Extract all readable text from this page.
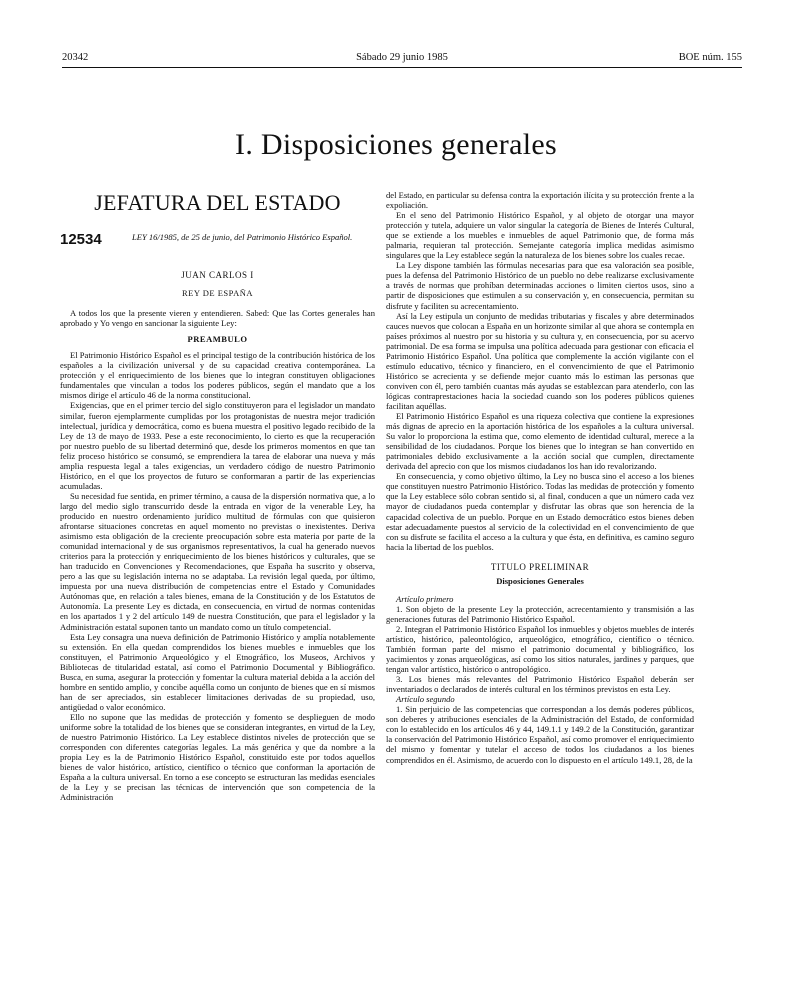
20342	Sábado 29 junio 1985	BOE núm. 155
I. Disposiciones generales
JEFATURA DEL ESTADO
12534	LEY 16/1985, de 25 de junio, del Patrimonio Histórico Español.
JUAN CARLOS I
REY DE ESPAÑA

A todos los que la presente vieren y entendieren. Sabed: Que las Cortes generales han aprobado y Yo vengo en sancionar la siguiente Ley:

PREAMBULO

El Patrimonio Histórico Español es el principal testigo de la contribución histórica de los españoles a la civilización universal y de su capacidad creativa contemporánea. La protección y el enriquecimiento de los bienes que lo integran constituyen obligaciones fundamentales que vinculan a todos los poderes públicos, según el mandato que a los mismos dirige el artículo 46 de la norma constitucional.

Exigencias, que en el primer tercio del siglo constituyeron para el legislador un mandato similar, fueron ejemplarmente cumplidas por los protagonistas de nuestra mejor tradición intelectual, jurídica y democrática, como es buena muestra el positivo legado recibido de la Ley de 13 de mayo de 1933. Pese a este reconocimiento, lo cierto es que la recuperación por nuestro pueblo de su libertad determinó que, desde los primeros momentos en que tan feliz proceso histórico se consumó, se emprendiera la tarea de elaborar una nueva y más amplia respuesta legal a tales exigencias, un verdadero código de nuestro Patrimonio Histórico, en el que los proyectos de futuro se conformaran a partir de las experiencias acumuladas.

Su necesidad fue sentida, en primer término, a causa de la dispersión normativa que, a lo largo del medio siglo transcurrido desde la entrada en vigor de la venerable Ley, ha producido en nuestro ordenamiento jurídico multitud de fórmulas con que quisieron afrontarse situaciones concretas en aquel momento no previstas o inexistentes. Deriva asimismo esta obligación de la creciente preocupación sobre esta materia por parte de la comunidad internacional y de sus organismos representativos, la cual ha generado nuevos criterios para la protección y enriquecimiento de los bienes históricos y culturales, que se han traducido en Convenciones y Recomendaciones, que España ha suscrito y observa, pero a las que su legislación interna no se adaptaba. La revisión legal queda, por último, impuesta por una nueva distribución de competencias entre el Estado y Comunidades Autónomas que, en relación a tales bienes, emana de la Constitución y de los Estatutos de Autonomía. La presente Ley es dictada, en consecuencia, en virtud de normas contenidas en los apartados 1 y 2 del artículo 149 de nuestra Constitución, que para el legislador y la Administración estatal suponen tanto un mandato como un título competencial.

Esta Ley consagra una nueva definición de Patrimonio Histórico y amplía notablemente su extensión. En ella quedan comprendidos los bienes muebles e inmuebles que los constituyen, el Patrimonio Arqueológico y el Etnográfico, los Museos, Archivos y Bibliotecas de titularidad estatal, así como el Patrimonio Documental y Bibliográfico. Busca, en suma, asegurar la protección y fomentar la cultura material debida a la acción del hombre en sentido amplio, y concibe aquélla como un conjunto de bienes que en sí mismos han de ser apreciados, sin establecer limitaciones derivadas de su propiedad, uso, antigüedad o valor económico.

Ello no supone que las medidas de protección y fomento se desplieguen de modo uniforme sobre la totalidad de los bienes que se consideran integrantes, en virtud de la Ley, de nuestro Patrimonio Histórico. La Ley establece distintos niveles de protección que se corresponden con diferentes categorías legales. La más genérica y que da nombre a la propia Ley es la de Patrimonio Histórico Español, constituido este por todos aquellos bienes de valor histórico, artístico, científico o técnico que conforman la aportación de España a la cultura universal. En torno a ese concepto se estructuran las medidas esenciales de la Ley y se precisan las técnicas de intervención que son competencia de la Administración

del Estado, en particular su defensa contra la exportación ilícita y su protección frente a la expoliación.

En el seno del Patrimonio Histórico Español, y al objeto de otorgar una mayor protección y tutela, adquiere un valor singular la categoría de Bienes de Interés Cultural, que se extiende a los muebles e inmuebles de aquel Patrimonio que, de forma más palmaria, requieran tal protección. Semejante categoría implica medidas asimismo singulares que la Ley establece según la naturaleza de los bienes sobre los cuales recae.

La Ley dispone también las fórmulas necesarias para que esa valoración sea posible, pues la defensa del Patrimonio Histórico de un pueblo no debe realizarse exclusivamente a través de normas que prohíban determinadas acciones o limiten ciertos usos, sino a partir de disposiciones que estimulen a su conservación y, en consecuencia, permitan su disfrute y faciliten su acrecentamiento.

Así la Ley estipula un conjunto de medidas tributarias y fiscales y abre determinados cauces nuevos que colocan a España en un horizonte similar al que ahora se contempla en países próximos al nuestro por su historia y su cultura y, en consecuencia, por su acervo patrimonial. De esa forma se impulsa una política adecuada para gestionar con eficacia el Patrimonio Histórico Español. Una política que complemente la acción vigilante con el estímulo educativo, técnico y financiero, en el convencimiento de que el Patrimonio Histórico se acrecienta y se defiende mejor cuanto más lo estiman las personas que conviven con él, pero también cuantas más ayudas se establezcan para atenderlo, con las lógicas contraprestaciones hacia la sociedad cuando son los poderes públicos quienes facilitan aquéllas.

El Patrimonio Histórico Español es una riqueza colectiva que contiene la expresiones más dignas de aprecio en la aportación histórica de los españoles a la cultura universal. Su valor lo proporciona la estima que, como elemento de identidad cultural, merece a la sensibilidad de los ciudadanos. Porque los bienes que lo integran se han convertido en patrimoniales debido exclusivamente a la acción social que cumplen, directamente derivada del aprecio con que los mismos ciudadanos los han ido revalorizando.

En consecuencia, y como objetivo último, la Ley no busca sino el acceso a los bienes que constituyen nuestro Patrimonio Histórico. Todas las medidas de protección y fomento que la Ley establece sólo cobran sentido si, al final, conducen a que un número cada vez mayor de ciudadanos pueda contemplar y disfrutar las obras que son herencia de la capacidad colectiva de un pueblo. Porque en un Estado democrático estos bienes deben estar adecuadamente puestos al servicio de la colectividad en el convencimiento de que con su disfrute se facilita el acceso a la cultura y que ésta, en definitiva, es camino seguro hacia la libertad de los pueblos.

TITULO PRELIMINAR
Disposiciones Generales

Artículo primero

1. Son objeto de la presente Ley la protección, acrecentamiento y transmisión a las generaciones futuras del Patrimonio Histórico Español.

2. Integran el Patrimonio Histórico Español los inmuebles y objetos muebles de interés artístico, histórico, paleontológico, arqueológico, etnográfico, científico o técnico. También forman parte del mismo el patrimonio documental y bibliográfico, los yacimientos y zonas arqueológicas, así como los sitios naturales, jardines y parques, que tengan valor artístico, histórico o antropológico.

3. Los bienes más relevantes del Patrimonio Histórico Español deberán ser inventariados o declarados de interés cultural en los términos previstos en esta Ley.

Artículo segundo

1. Sin perjuicio de las competencias que correspondan a los demás poderes públicos, son deberes y atribuciones esenciales de la Administración del Estado, de conformidad con lo establecido en los artículos 46 y 44, 149.1.1 y 149.2 de la Constitución, garantizar la conservación del Patrimonio Histórico Español, así como promover el enriquecimiento del mismo y fomentar y tutelar el acceso de todos los ciudadanos a los bienes comprendidos en él. Asimismo, de acuerdo con lo dispuesto en el artículo 149.1, 28, de la
